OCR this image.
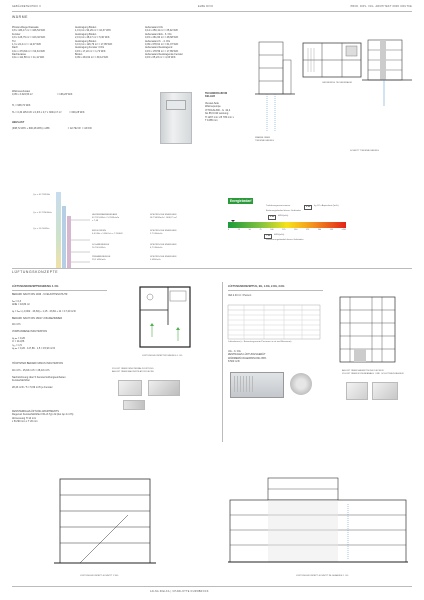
GEBÄUDETECHNIK II	ELBE DIVO	PROF. DIPL. ING. ARCHITEKT DIRK KRUTKE
WÄRME
Pfosten-Riegel Fassade
0,8 x 433,17 m² = 346,54 W/K
Fenster
0,9 x 126,79 m² = 103,32 W/K
Tür
1,3 x 24,4 m² = 12,07 W/K
Dach
0,11 x 473,84 m² = 64,34 W/K
Dachterasse
0,11 x 111,58 m² = 11,11 W/K
Auskragung Boden
1,0 0,11 x 94,29 m² = 10,37 W/K
Auskragung Boden
2,0 0,11 x 48,17 m² = 5,30 W/K
Auskragung Boden
3,0 0,11 x 126,79 m² = 17,95 W/K
Auskragung Fenster 3 OG
0,15 x 17,22 m² = 1,72 W/K
Boden
0,09 x 434,62 m² = 39,12 W/K
Außenwand UG
0,14 x 250,11 m² = 35,02 W/K
Außenwand EG - 3. OG
0,15 x 261,60 m² = 48,68 W/K
Außenwand 3. - 4. OG
0,09 x 678,61 m² = 61,07 W/K
Außenwand Auskragend
0,15 x 178,59 m² = 17,89 W/K
Außenwand Auskragende Fenster
0,15 x 65,23 m² = 4,33 W/K
Wärmeverlusten
0,05 x 3.324,53 m³                                   = 166,26 W/K
Hₜ = 938,72 W/K
Hᵥ = 0,34 Wh/m³K x 0,6/h x 0,7 x 3004,17 m³           = 600,28 W/K
HEIZLAST
(938,72 W/K + 600,28 W/K) x 28K                          = 42.792 W  = 43 KW
TECHNIKRAUM IM
KELLER
Viessel-Sole
Wärmepumpe
VITOCAL300 - G  42,4
bis 85,6 kW Leistung
H 1267 mm x B 780 mm x
T 1085 mm
WÄRME ÜBER
TIEFENBOHRUNG
GRUNDRISS TECHNIKRAUM
SCHNITT TIEFENBOHRUNG
Qₒₕ = 42.792kWh
Qₒₕ = 32.735kWh/a
Qₒₕ = 16.7kWh/a
HEIZERWÄRMEBEDARF
42.792 kWh/a / 5.7kWh/m²a
= 7,48
ERDSONDEN
4,0 kWh x 1.800 h/a = 7.200kW
SOLARENERGIE
16.700 kWh/a
PRIMÄRENERGIE
29,2 kWh/m²a
SPEZIFISCHE ENERGIEN
JE TSKW/m²a / 1008,71 m²
SPEZIFISCHE ENERGIEN
2.7 kWh/m²a
SPEZIFISCHE ENERGIEN
4,7 kWh/m²a
SPEZIFISCHE ENERGIEN
0 kWh/m²a
Energiebedarf
Treibhausgasemissionen	6,88	kg CO₂-Äquivalent /(m²a)
Endenergiebedarf dieses Gebäudes
6,88	kWh/(m²a)
0	25	50	75	100	125	150	175	200	225	≥250
7,48	kWh/(m²a)
Primärenergiebedarf dieses Gebäudes
LÜFTUNGSKONZEPTE
LÜFTUNGSKONZEPTWOHNUNG 4. OG
BEDARF NACH DIN 1946 - 6 FEUCHTESCHUTZ

fₕₙ = 0,3
ANE = 43,84 m²

qᵥ = fₕₙ x (-0,002 · 43,84) + 1,15 · 43,84 + 11 = 17,20 m³/h

BEDARF NACH DIN 18017-3 BADEZIMMER

40 m³/h

VORHANDENE INFILTRATION

qᵥ,ᵢₙₑ = 0,26
Vₗ = 111,86
n₅₀ = 1,5
qᵥ,ᵢₙₑ = 0,26 · 117,86 · 1,5 = 15,93 m³/h
HÖCHSTER BEDARF MINUS INFILTRATION

40 m³/h - 15,93 m³/h = 28,43 m³/h

Nachströmung über 5 Fenster/Lüftungseinheiten
Fensterfalzlüfter

28,43 m³/h / 5 = 5,69 m³/h je Fenster
FENSTERFALZLÜFTUNG APARTMENTS
Regel-air Fensterfalzlüfter FFL/A Typ 2d (bei ∆p 4 m³/h)
Abmessung H 14 mm
x B 290 mm x T 20 mm
LÜFTUNGSKONZEPTWOHNUNG 4. OG
ZULUFT ÜBER FENSTERFALZLÜFTUNG
ABLUFT ÜBER BADVENTILATOR DECKE
LÜFTUNGSKONZEPTUG, EG, 1.OG, 2.OG, 3.OG
IDA 2 40 m³ / Person
Luftvolumen (=  Bewertungswerte-Personen in ort und Büroraum)
UG - 3. OG
ZENTRALES LÜFTUNGSGERÄT
WÄRMERÜCKGEWINNUNG 95%
8.500 m³/h
ABLUFT ÜBER MAGNETISCHE DECKEN
ZULUFT ÜBER BODENKANÄLE  UND  SCHLITZAUSLÄSSEN
LÜFTUNGSKONZEPT-SCHNITT 1 WG	LÜFTUNGSKONZEPT-SCHNITT IM GEBÄUDE 1 OG
JALNA ZIELKA | CHARLOTTE DURNBROCK
